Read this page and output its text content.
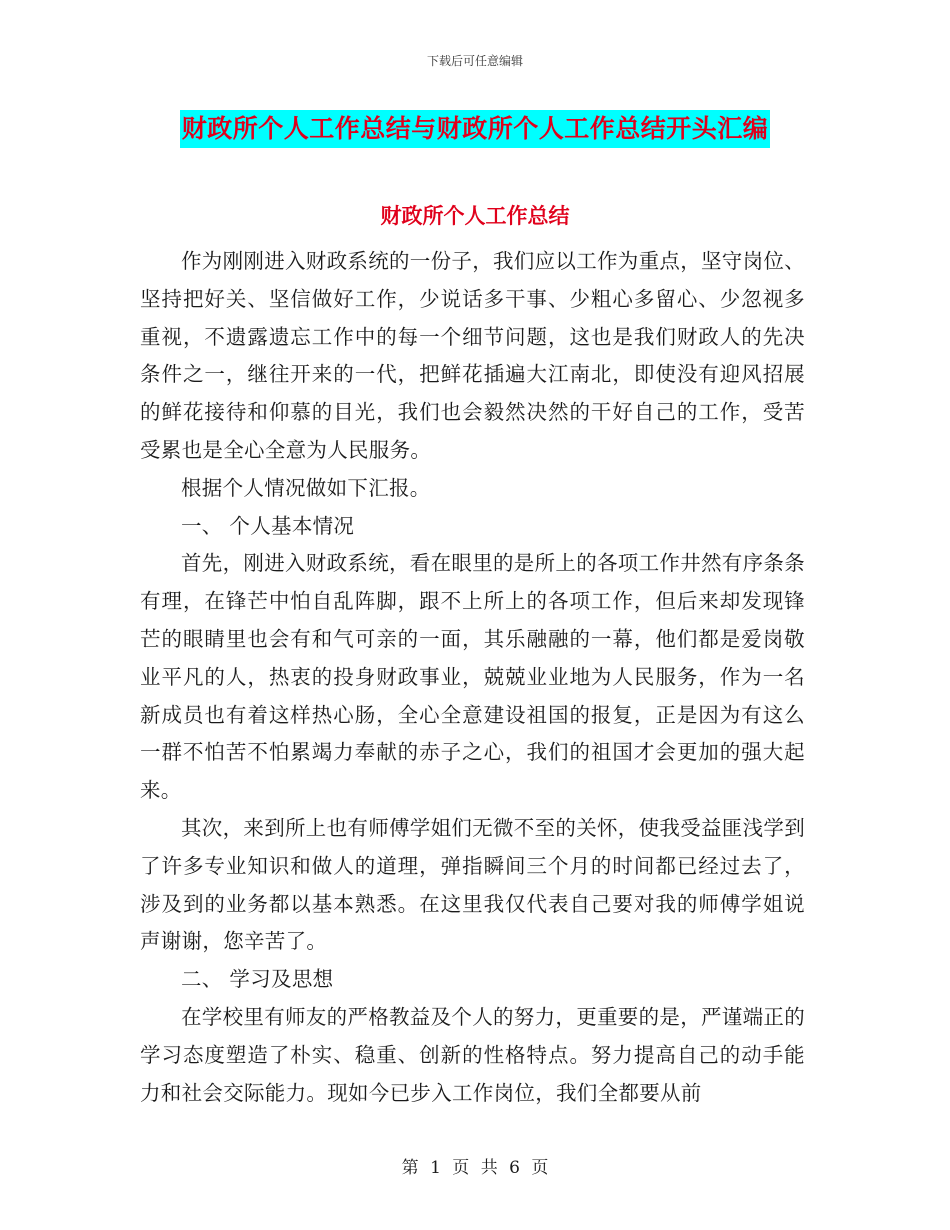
下载后可任意编辑
财政所个人工作总结与财政所个人工作总结开头汇编
财政所个人工作总结

作为刚刚进入财政系统的一份子，我们应以工作为重点，坚守岗位、坚持把好关、坚信做好工作，少说话多干事、少粗心多留心、少忽视多重视，不遗露遗忘工作中的每一个细节问题，这也是我们财政人的先决条件之一，继往开来的一代，把鲜花插遍大江南北，即使没有迎风招展的鲜花接待和仰慕的目光，我们也会毅然决然的干好自己的工作，受苦受累也是全心全意为人民服务。

根据个人情况做如下汇报。

一、 个人基本情况

首先，刚进入财政系统，看在眼里的是所上的各项工作井然有序条条有理，在锋芒中怕自乱阵脚，跟不上所上的各项工作，但后来却发现锋芒的眼睛里也会有和气可亲的一面，其乐融融的一幕，他们都是爱岗敬业平凡的人，热衷的投身财政事业，兢兢业业地为人民服务，作为一名新成员也有着这样热心肠，全心全意建设祖国的报复，正是因为有这么一群不怕苦不怕累竭力奉献的赤子之心，我们的祖国才会更加的强大起来。

其次，来到所上也有师傅学姐们无微不至的关怀，使我受益匪浅学到了许多专业知识和做人的道理，弹指瞬间三个月的时间都已经过去了，涉及到的业务都以基本熟悉。在这里我仅代表自己要对我的师傅学姐说声谢谢，您辛苦了。

二、 学习及思想

在学校里有师友的严格教益及个人的努力，更重要的是，严谨端正的学习态度塑造了朴实、稳重、创新的性格特点。努力提高自己的动手能力和社会交际能力。现如今已步入工作岗位，我们全都要从前

第 1 页 共 6 页
